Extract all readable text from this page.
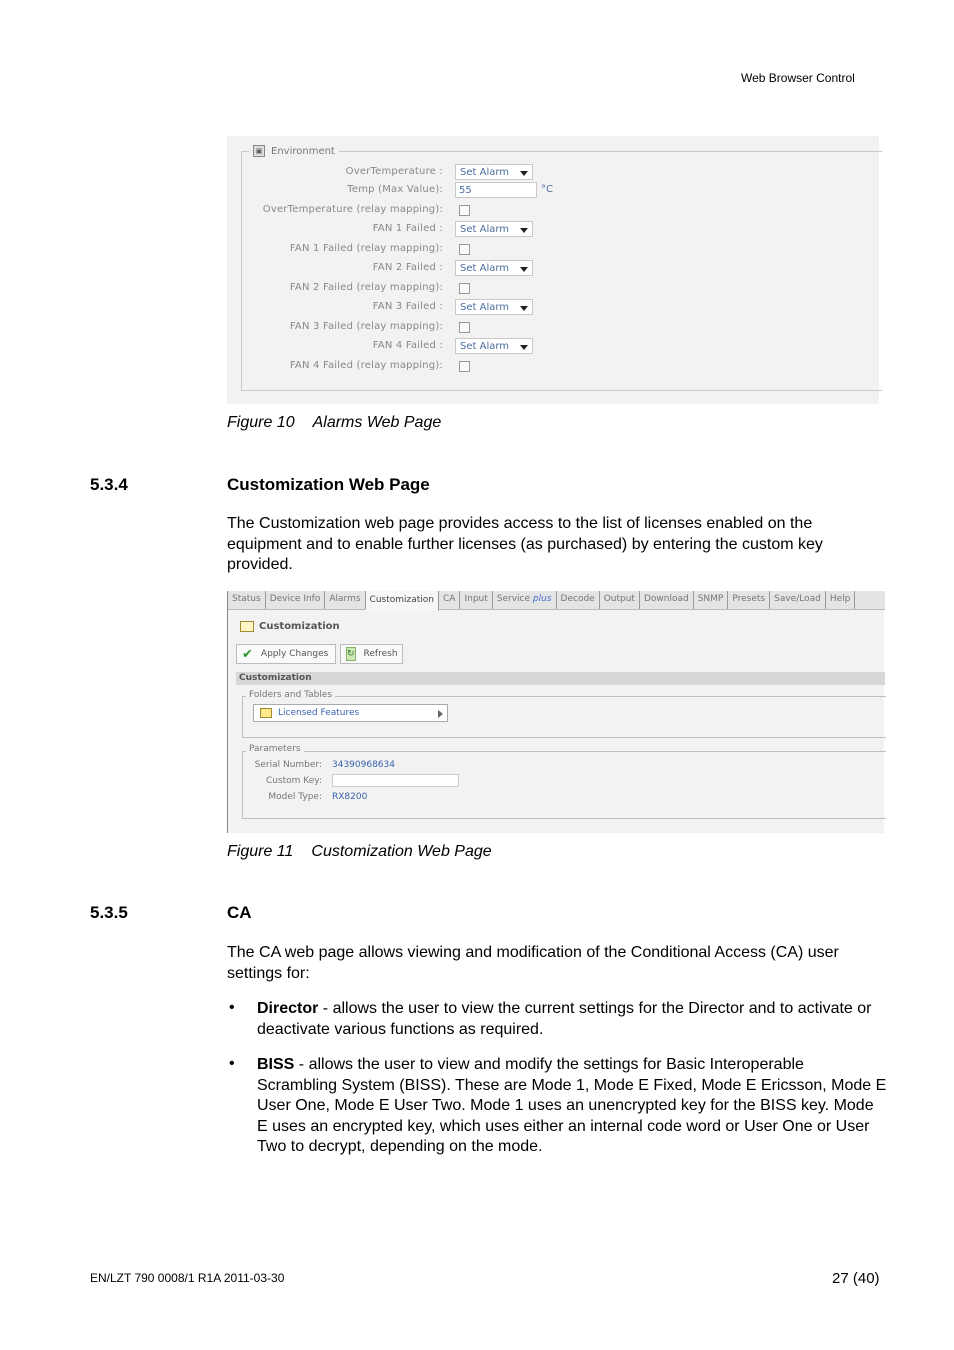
Web Browser Control
▣ Environment
OverTemperature :	Set Alarm
Temp (Max Value):	55	°C
OverTemperature (relay mapping):
FAN 1 Failed :	Set Alarm
FAN 1 Failed (relay mapping):
FAN 2 Failed :	Set Alarm
FAN 2 Failed (relay mapping):
FAN 3 Failed :	Set Alarm
FAN 3 Failed (relay mapping):
FAN 4 Failed :	Set Alarm
FAN 4 Failed (relay mapping):
Figure 10 Alarms Web Page
5.3.4	Customization Web Page
The Customization web page provides access to the list of licenses enabled on the equipment and to enable further licenses (as purchased) by entering the custom key provided.
Status	Device Info	Alarms	Customization	CA	Input	Service plus	Decode	Output	Download	SNMP	Presets	Save/Load	Help
Customization
✔ Apply Changes ↻ Refresh
Customization
Folders and Tables
Licensed Features
Parameters
Serial Number: 34390968634
Custom Key:
Model Type: RX8200
Figure 11 Customization Web Page
5.3.5	CA
The CA web page allows viewing and modification of the Conditional Access (CA) user settings for:
• Director - allows the user to view the current settings for the Director and to activate or deactivate various functions as required.
• BISS - allows the user to view and modify the settings for Basic Interoperable Scrambling System (BISS). These are Mode 1, Mode E Fixed, Mode E Ericsson, Mode E User One, Mode E User Two. Mode 1 uses an unencrypted key for the BISS key. Mode E uses an encrypted key, which uses either an internal code word or User One or User Two to decrypt, depending on the mode.
EN/LZT 790 0008/1 R1A 2011-03-30	27 (40)
